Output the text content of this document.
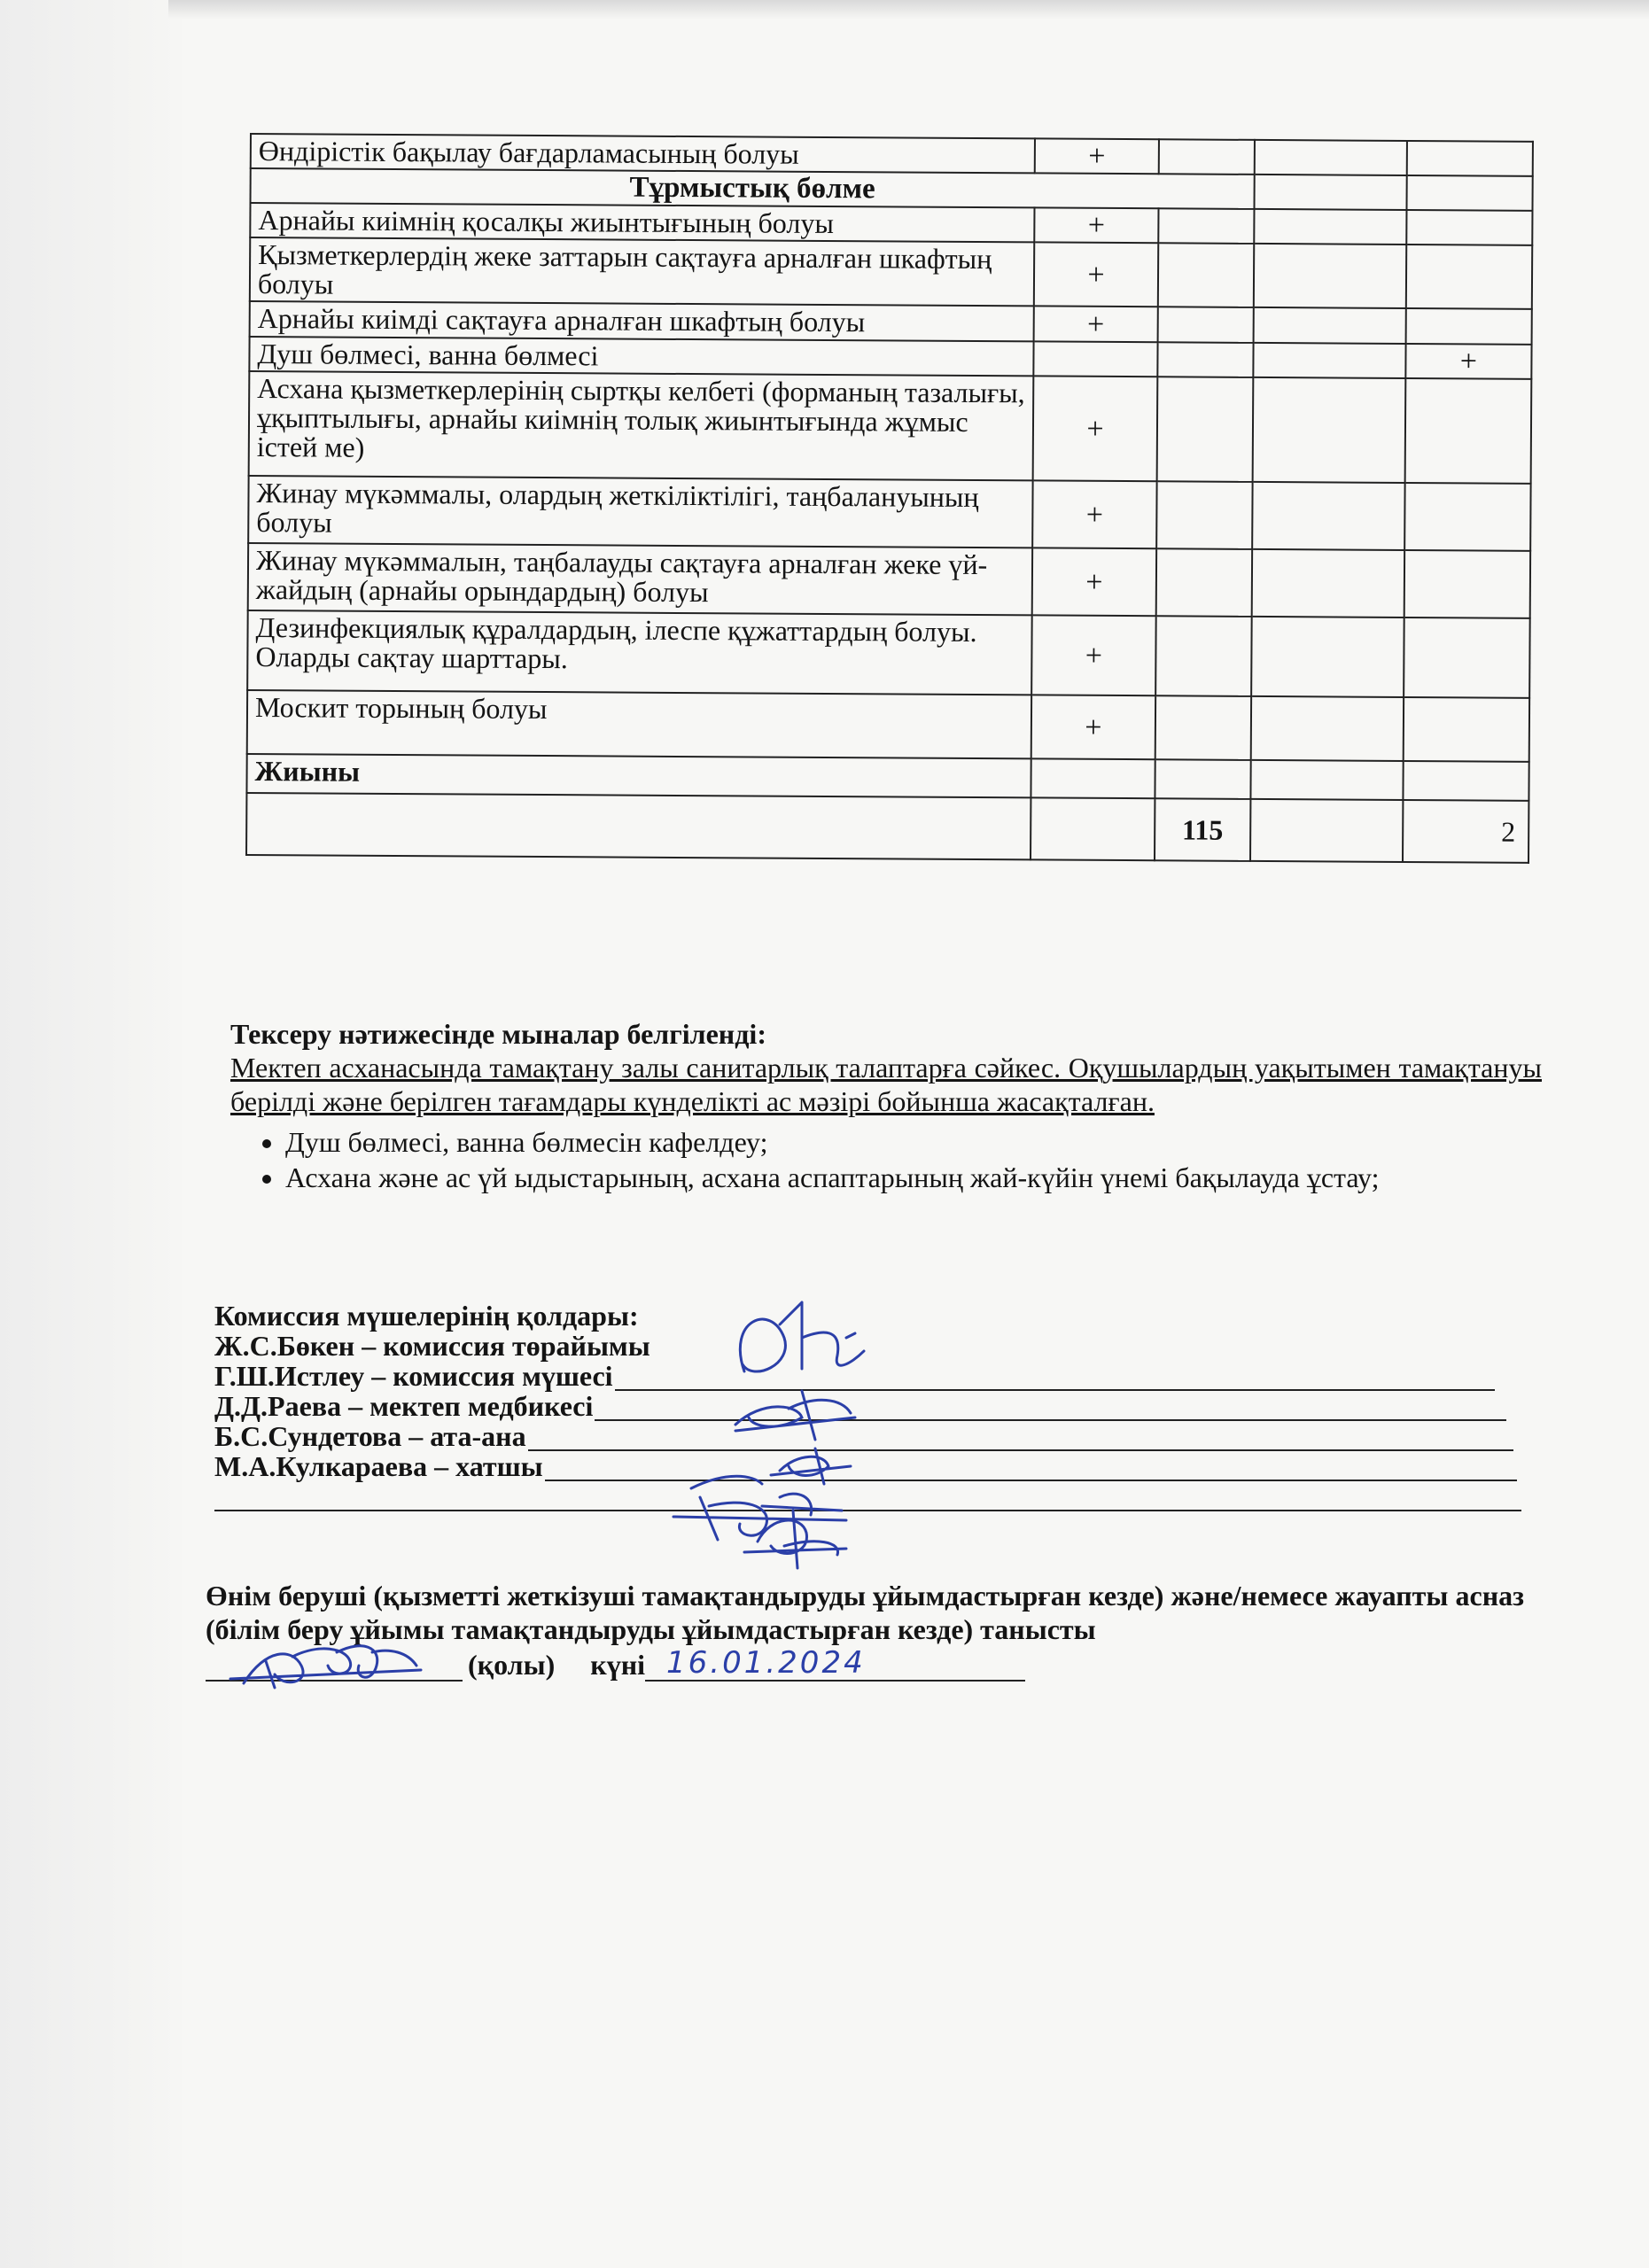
Өндірістік бақылау бағдарламасының болуы	+			
Тұрмыстық бөлме				
Арнайы киімнің қосалқы жиынтығының болуы	+			
Қызметкерлердің жеке заттарын сақтауға арналған шкафтың болуы	+			
Арнайы киімді сақтауға арналған шкафтың болуы	+			
Душ бөлмесі, ванна бөлмесі				+
Асхана қызметкерлерінің сыртқы келбеті (форманың тазалығы, ұқыптылығы, арнайы киімнің толық жиынтығында жұмыс істей ме)	+			
Жинау мүкәммалы, олардың жеткіліктілігі, таңбалануының болуы	+			
Жинау мүкәммалын, таңбалауды сақтауға арналған жеке үй-жайдың (арнайы орындардың) болуы	+			
Дезинфекциялық құралдардың, ілеспе құжаттардың болуы. Оларды сақтау шарттары.	+			
Москит торының болуы	+			
Жиыны				
		115		2
Тексеру нәтижесінде мыналар белгіленді:
Мектеп асханасында тамақтану залы санитарлық талаптарға сәйкес. Оқушылардың уақытымен тамақтануы берілді және берілген тағамдары күнделікті ас мәзірі бойынша жасақталған.
• Душ бөлмесі, ванна бөлмесін кафелдеу;
• Асхана және ас үй ыдыстарының, асхана аспаптарының жай-күйін үнемі бақылауда ұстау;
Комиссия мүшелерінің қолдары:
Ж.С.Бөкен – комиссия төрайымы
Г.Ш.Истлеу – комиссия мүшесі
Д.Д.Раева – мектеп медбикесі
Б.С.Сундетова – ата-ана
М.А.Кулкараева – хатшы
Өнім беруші (қызметті жеткізуші тамақтандыруды ұйымдастырған кезде) және/немесе жауапты асназ (білім беру ұйымы тамақтандыруды ұйымдастырған кезде) танысты
(қолы) күні 16.01.2024
